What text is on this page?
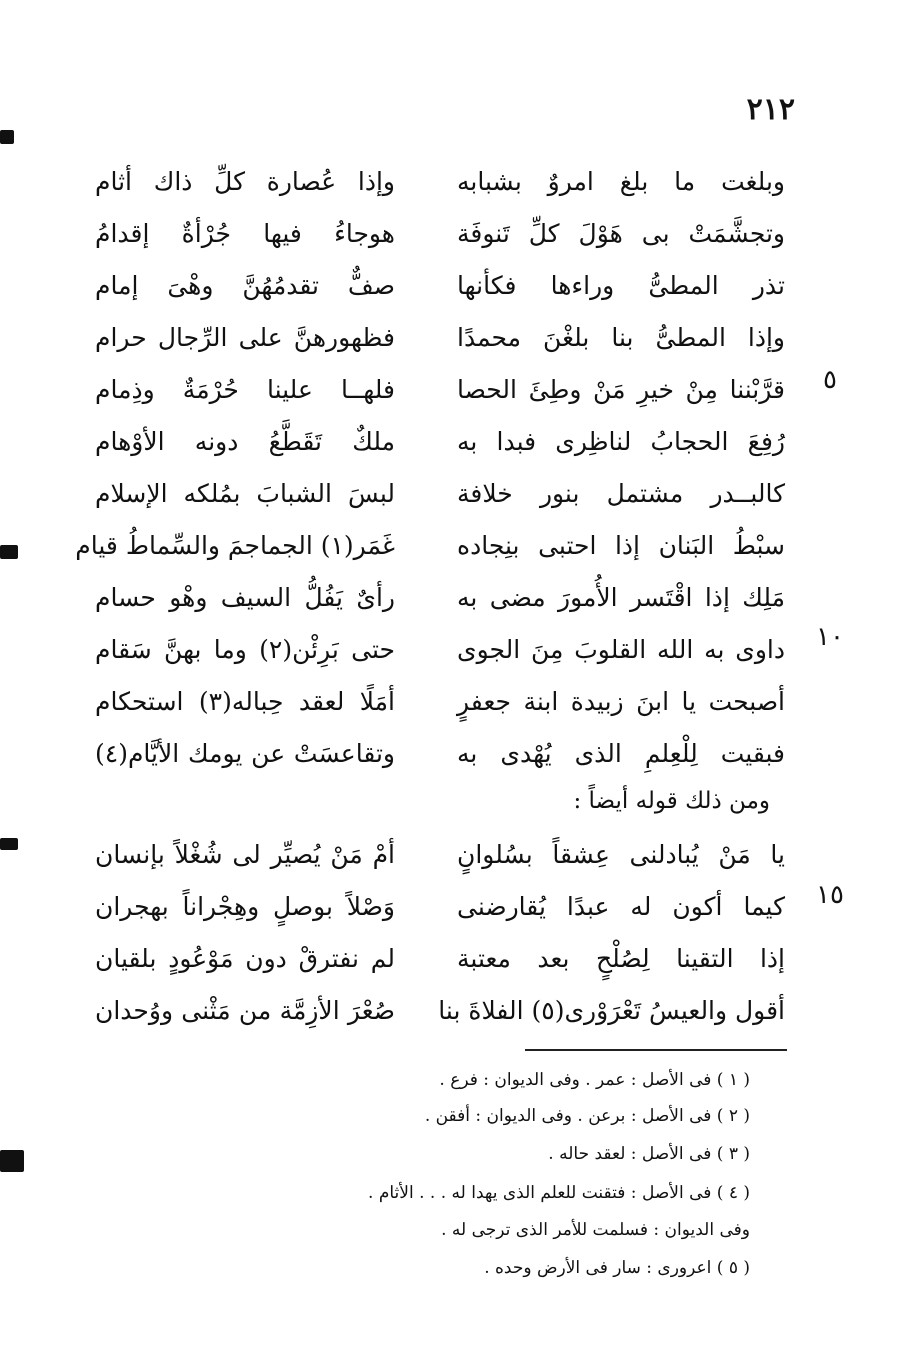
٢١٢
وبلغت ما بلغ امروٌ بشبابه
وإذا عُصارة كلِّ ذاك أثام
وتجشَّمَتْ بى هَوْلَ كلِّ تَنوفَة
هوجاءُ فيها جُرْأةٌ إقدامُ
تذر المطىُّ وراءها فكأنها
صفٌّ تقدمُهُنَّ وهْىَ إمام
وإذا المطىُّ بنا بلغْنَ محمدًا
فظهورهنَّ على الرِّجال حرام
٥
قرَّبْننا مِنْ خيرِ مَنْ وطِئَ الحصا
فلهــا علينا حُرْمَةٌ وذِمام
رُفِعَ الحجابُ لناظِرى فبدا به
ملكٌ تَقَطَّعُ دونه الأوْهام
كالبــدر مشتمل بنور خلافة
لبسَ الشبابَ بمُلكه الإسلام
سبْطُ البَنان إذا احتبى بنِجاده
غَمَر(١) الجماجمَ والسِّماطُ قيام
مَلِك إذا اقْتَسر الأُمورَ مضى به
رأىٌ يَفُلُّ السيف وهْو حسام
١٠
داوى به الله القلوبَ مِنَ الجوى
حتى بَرِئْن(٢) وما بهنَّ سَقام
أصبحت يا ابنَ زبيدة ابنة جعفرٍ
أمَلًا لعقد حِباله(٣) استحكام
فبقيت لِلْعِلمِ الذى يُهْدى به
وتقاعسَتْ عن يومك الأيَّام(٤)
ومن ذلك قوله أيضاً :
يا مَنْ يُبادلنى عِشقاً بسُلوانٍ
أمْ مَنْ يُصيِّر لى شُغْلاً بإنسان
١٥
كيما أكون له عبدًا يُقارضنى
وَصْلاً بوصلٍ وهِجْراناً بهجران
إذا التقينا لِصُلْحٍ بعد معتبة
لم نفترقْ دون مَوْعُودٍ بلقيان
أقول والعيسُ تَعْرَوْرى(٥) الفلاةَ بنا
صُعْرَ الأزِمَّة من مَثْنى ووُحدان
( ١ ) فى الأصل : عمر . وفى الديوان : فرع .
( ٢ ) فى الأصل : برعن . وفى الديوان : أفقن .
( ٣ ) فى الأصل : لعقد حاله .
( ٤ ) فى الأصل : فتقنت للعلم الذى يهدا له . . . الأثام .
وفى الديوان : فسلمت للأمر الذى ترجى له .
( ٥ ) اعرورى : سار فى الأرض وحده .
